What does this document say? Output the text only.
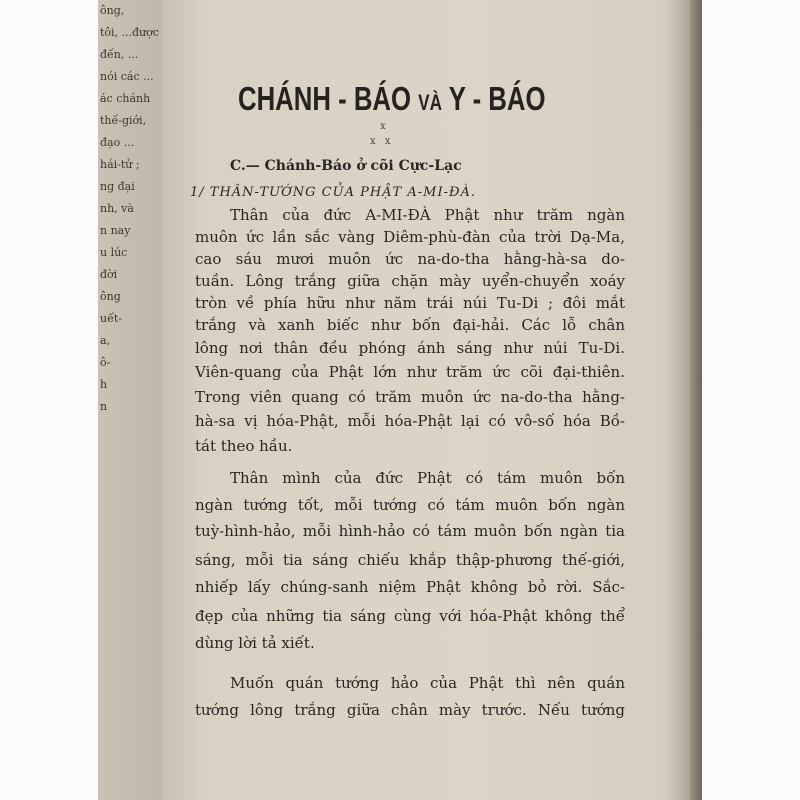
ông,
tôi, ...được
đến, ...
nói các ...
ác chánh
thế-giới,
đạo ...
hái-tử ;
ng đại
nh, và
n nay
u lúc
đời
ông
uết-
a,
ô-
h
n
CHÁNH - BÁO VÀ Y - BÁO
x
x x
C.— Chánh-Báo ở cõi Cực-Lạc
1/ THÂN-TƯỚNG CỦA PHẬT A-MI-ĐÀ.
Thân của đức A-MI-ĐÀ Phật như trăm ngàn
muôn ức lần sắc vàng Diêm-phù-đàn của trời Dạ-Ma,
cao sáu mươi muôn ức na-do-tha hằng-hà-sa do-
tuần. Lông trắng giữa chặn mày uyển-chuyển xoáy
tròn về phía hữu như năm trái núi Tu-Di ; đôi mắt
trắng và xanh biếc như bốn đại-hải. Các lỗ chân
lông nơi thân đều phóng ánh sáng như núi Tu-Di.
Viên-quang của Phật lớn như trăm ức cõi đại-thiên.
Trong viên quang có trăm muôn ức na-do-tha hằng-
hà-sa vị hóa-Phật, mỗi hóa-Phật lại có vô-số hóa Bồ-
tát theo hầu.
Thân mình của đức Phật có tám muôn bốn
ngàn tướng tốt, mỗi tướng có tám muôn bốn ngàn
tuỳ-hình-hảo, mỗi hình-hảo có tám muôn bốn ngàn tia
sáng, mỗi tia sáng chiếu khắp thập-phương thế-giới,
nhiếp lấy chúng-sanh niệm Phật không bỏ rời. Sắc-
đẹp của những tia sáng cùng với hóa-Phật không thể
dùng lời tả xiết.
Muốn quán tướng hảo của Phật thì nên quán
tướng lông trắng giữa chân mày trước. Nếu tướng
